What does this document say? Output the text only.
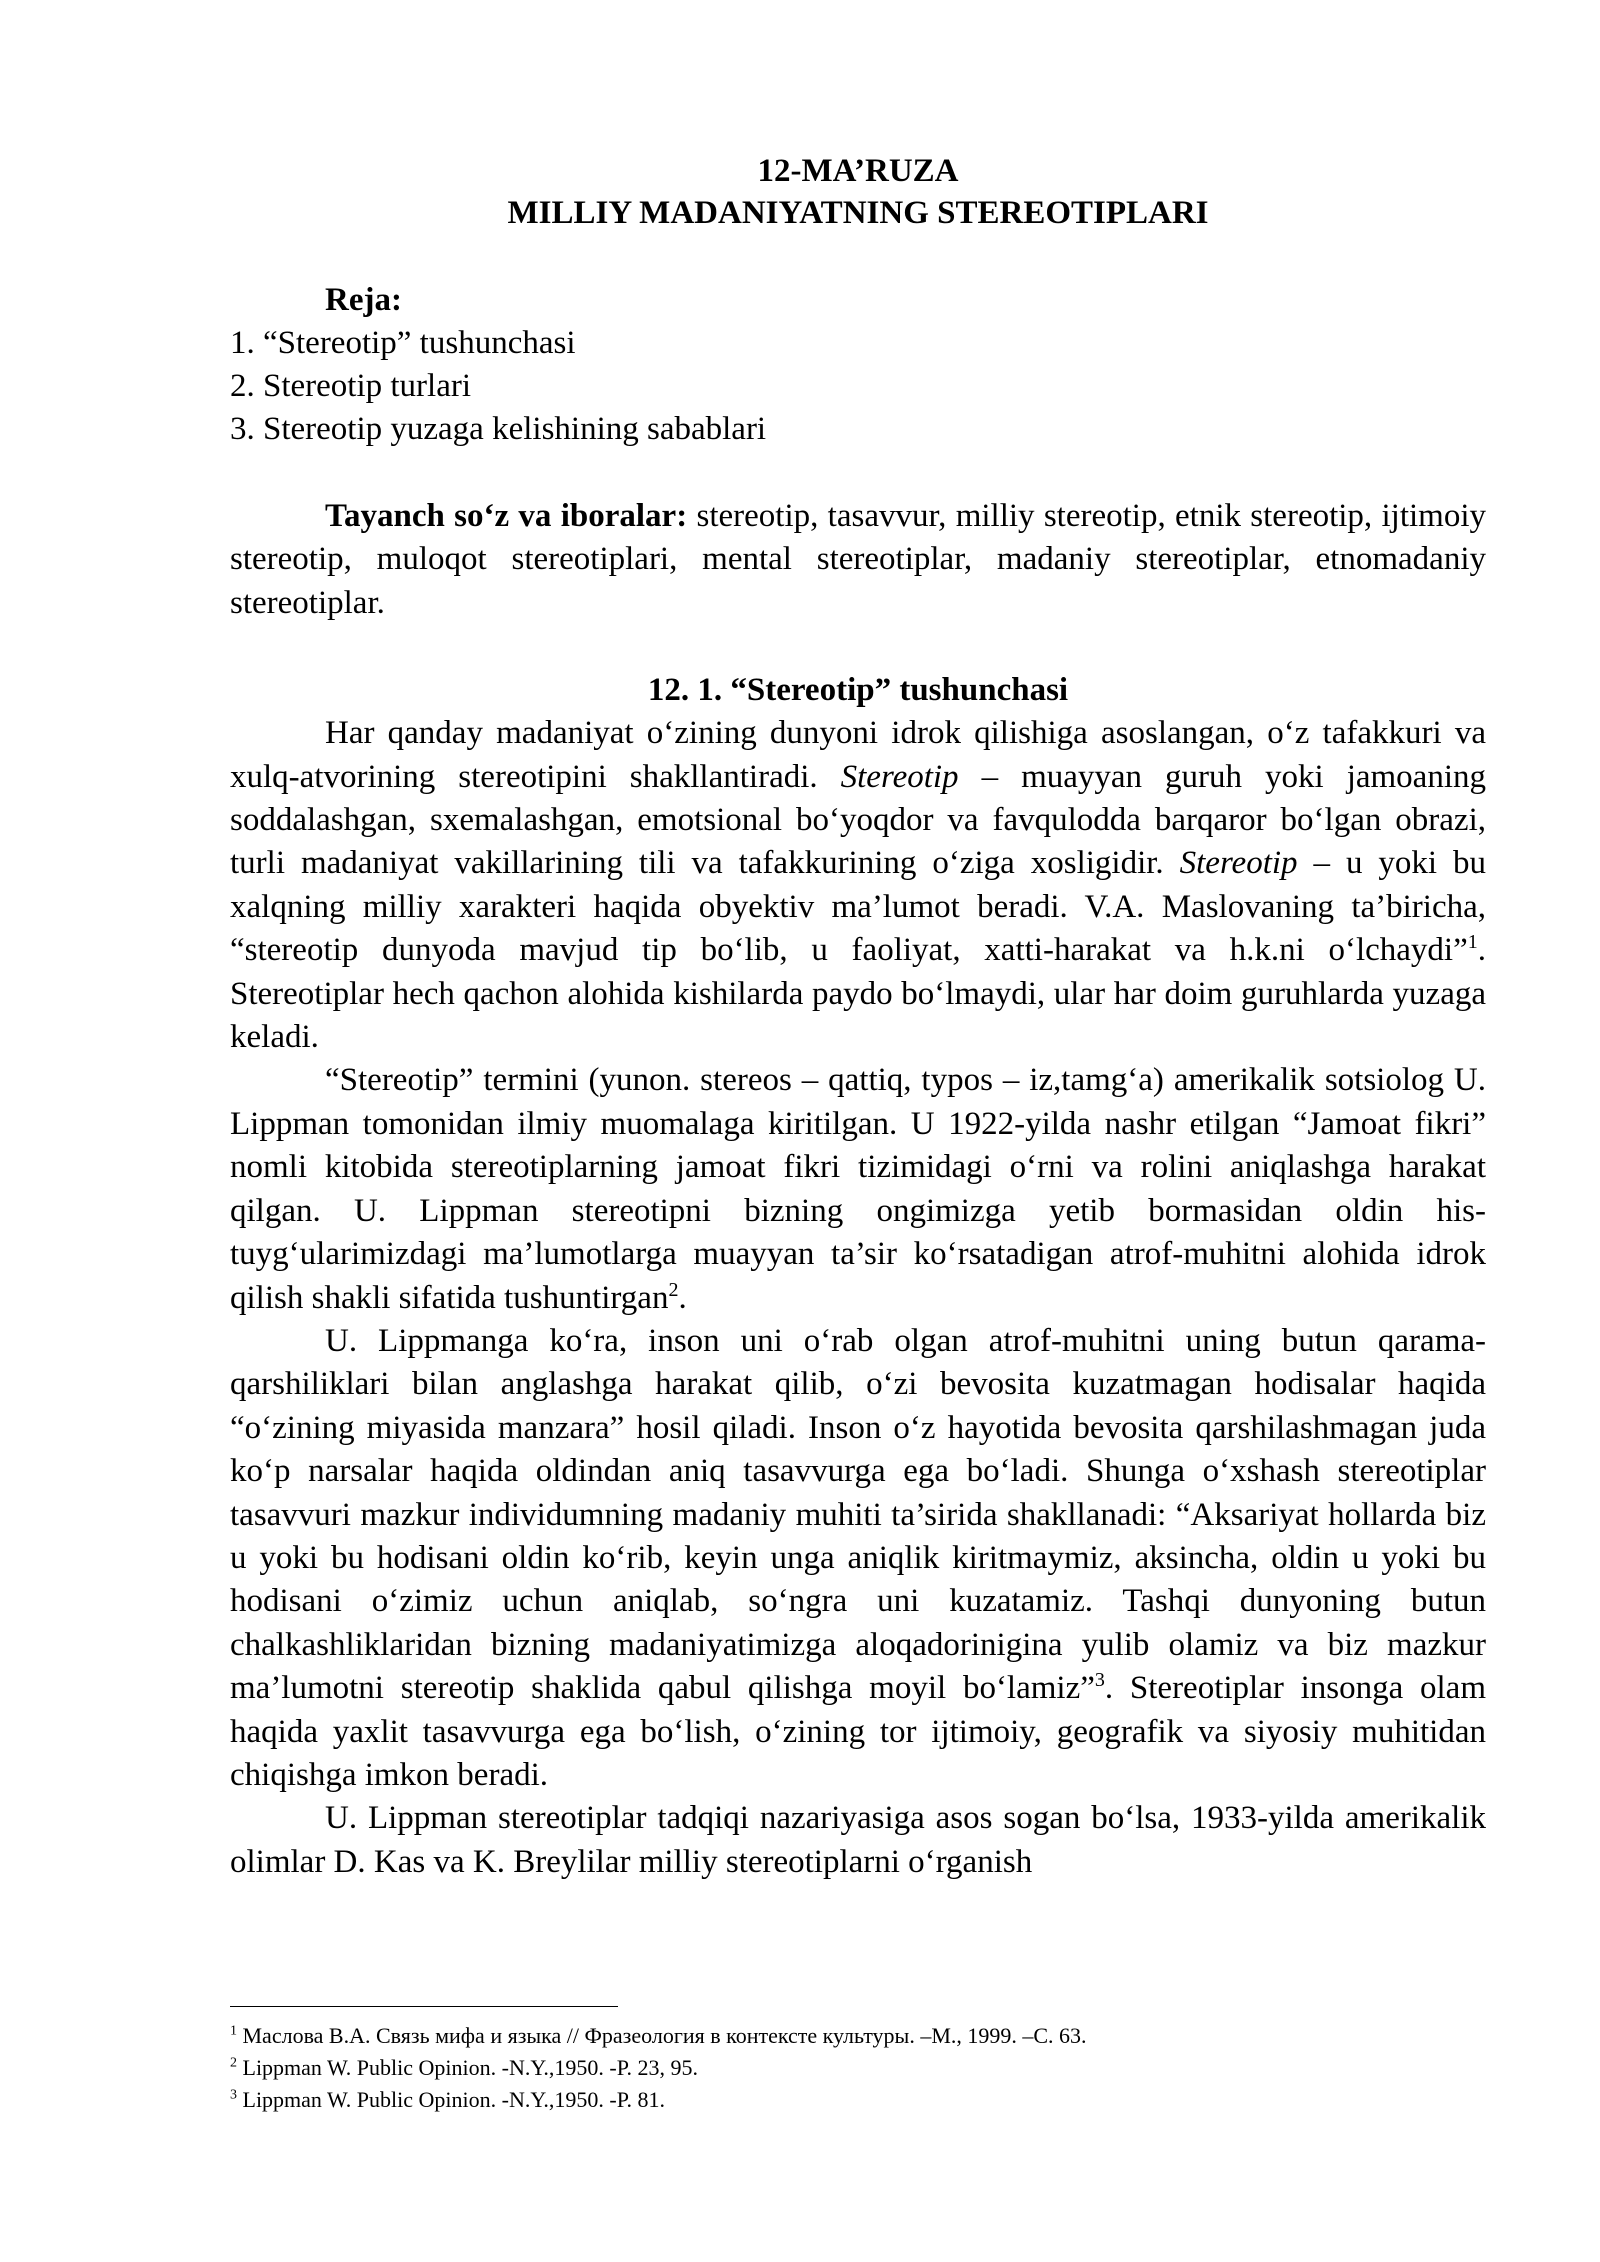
12-MA’RUZA

MILLIY MADANIYATNING STEREOTIPLARI

Reja:

1. “Stereotip” tushunchasi

2. Stereotip turlari

3. Stereotip yuzaga kelishining sabablari

Tayanch so‘z va iboralar: stereotip, tasavvur, milliy stereotip, etnik stereotip, ijtimoiy stereotip, muloqot stereotiplari, mental stereotiplar, madaniy stereotiplar, etnomadaniy stereotiplar.

12. 1. “Stereotip” tushunchasi

Har qanday madaniyat o‘zining dunyoni idrok qilishiga asoslangan, o‘z tafakkuri va xulq-atvorining stereotipini shakllantiradi. Stereotip – muayyan guruh yoki jamoaning soddalashgan, sxemalashgan, emotsional bo‘yoqdor va favqulodda barqaror bo‘lgan obrazi, turli madaniyat vakillarining tili va tafakkurining o‘ziga xosligidir. Stereotip – u yoki bu xalqning milliy xarakteri haqida obyektiv ma’lumot beradi. V.A. Maslovaning ta’biricha, “stereotip dunyoda mavjud tip bo‘lib, u faoliyat, xatti-harakat va h.k.ni o‘lchaydi”$^1$. Stereotiplar hech qachon alohida kishilarda paydo bo‘lmaydi, ular har doim guruhlarda yuzaga keladi.

“Stereotip” termini (yunon. stereos – qattiq, typos – iz,tamg‘a) amerikalik sotsiolog U. Lippman tomonidan ilmiy muomalaga kiritilgan. U 1922-yilda nashr etilgan “Jamoat fikri” nomli kitobida stereotiplarning jamoat fikri tizimidagi o‘rni va rolini aniqlashga harakat qilgan. U. Lippman stereotipni bizning ongimizga yetib bormasidan oldin his-tuyg‘ularimizdagi ma’lumotlarga muayyan ta’sir ko‘rsatadigan atrof-muhitni alohida idrok qilish shakli sifatida tushuntirgan$^2$.

U. Lippmanga ko‘ra, inson uni o‘rab olgan atrof-muhitni uning butun qarama-qarshiliklari bilan anglashga harakat qilib, o‘zi bevosita kuzatmagan hodisalar haqida “o‘zining miyasida manzara” hosil qiladi. Inson o‘z hayotida bevosita qarshilashmagan juda ko‘p narsalar haqida oldindan aniq tasavvurga ega bo‘ladi. Shunga o‘xshash stereotiplar tasavvuri mazkur individumning madaniy muhiti ta’sirida shakllanadi: “Aksariyat hollarda biz u yoki bu hodisani oldin ko‘rib, keyin unga aniqlik kiritmaymiz, aksincha, oldin u yoki bu hodisani o‘zimiz uchun aniqlab, so‘ngra uni kuzatamiz. Tashqi dunyoning butun chalkashliklaridan bizning madaniyatimizga aloqadorinigina yulib olamiz va biz mazkur ma’lumotni stereotip shaklida qabul qilishga moyil bo‘lamiz”$^3$. Stereotiplar insonga olam haqida yaxlit tasavvurga ega bo‘lish, o‘zining tor ijtimoiy, geografik va siyosiy muhitidan chiqishga imkon beradi.

U. Lippman stereotiplar tadqiqi nazariyasiga asos sogan bo‘lsa, 1933-yilda amerikalik olimlar D. Kas va K. Breylilar milliy stereotiplarni o‘rganish

$^1$ Маслова В.А. Связь мифа и языка // Фразеология в контексте культуры. –М., 1999. –С. 63.

$^2$ Lippman W. Public Opinion. -N.Y.,1950. -P. 23, 95.

$^3$ Lippman W. Public Opinion. -N.Y.,1950. -P. 81.
